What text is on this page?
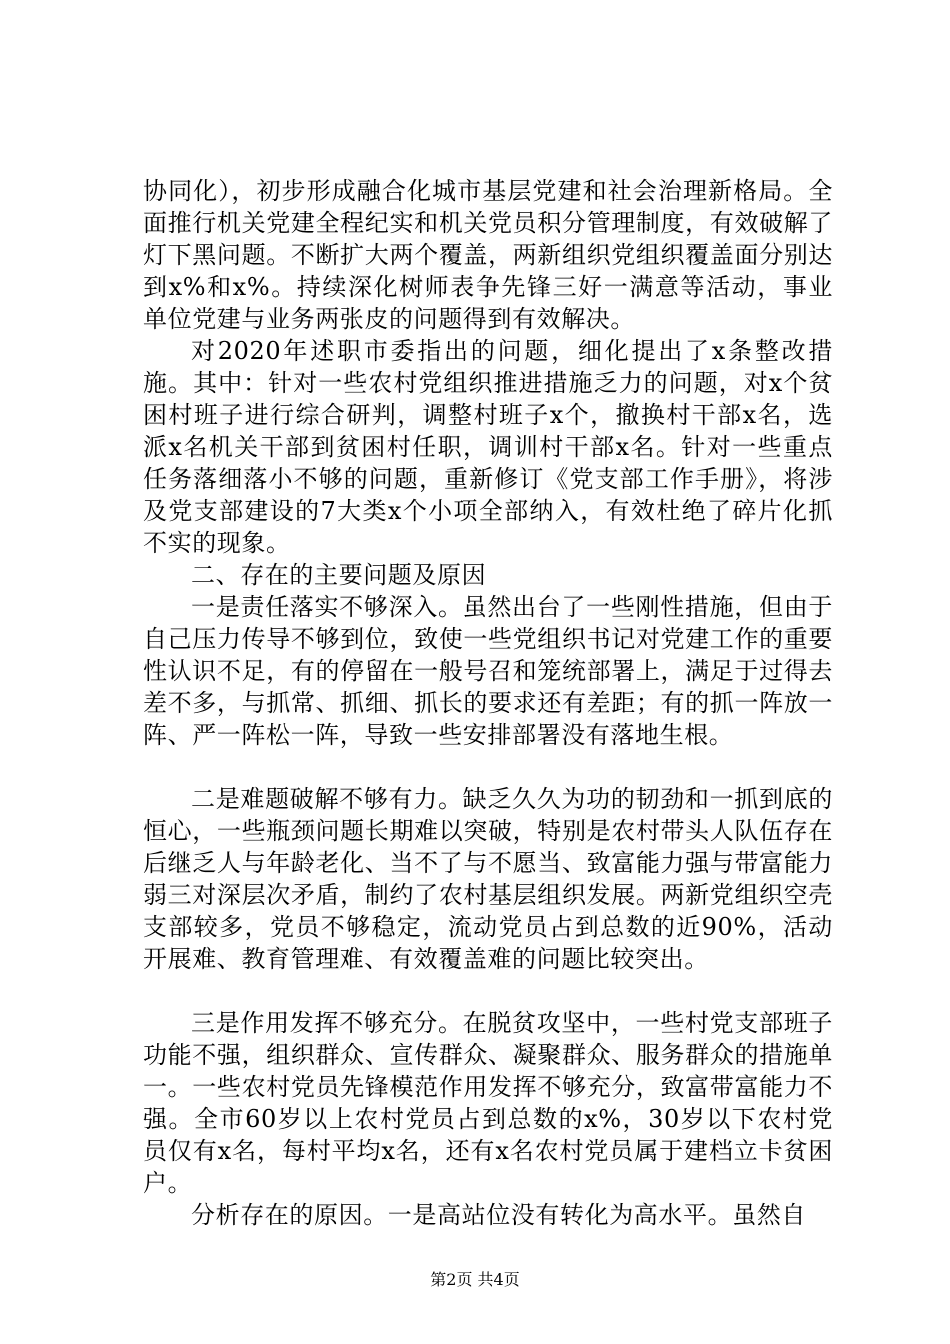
协同化），初步形成融合化城市基层党建和社会治理新格局。全面推行机关党建全程纪实和机关党员积分管理制度，有效破解了灯下黑问题。不断扩大两个覆盖，两新组织党组织覆盖面分别达到x%和x%。持续深化树师表争先锋三好一满意等活动，事业单位党建与业务两张皮的问题得到有效解决。

对2020年述职市委指出的问题，细化提出了x条整改措施。其中：针对一些农村党组织推进措施乏力的问题，对x个贫困村班子进行综合研判，调整村班子x个，撤换村干部x名，选派x名机关干部到贫困村任职，调训村干部x名。针对一些重点任务落细落小不够的问题，重新修订《党支部工作手册》，将涉及党支部建设的7大类x个小项全部纳入，有效杜绝了碎片化抓不实的现象。

二、存在的主要问题及原因

一是责任落实不够深入。虽然出台了一些刚性措施，但由于自己压力传导不够到位，致使一些党组织书记对党建工作的重要性认识不足，有的停留在一般号召和笼统部署上，满足于过得去差不多，与抓常、抓细、抓长的要求还有差距；有的抓一阵放一阵、严一阵松一阵，导致一些安排部署没有落地生根。

二是难题破解不够有力。缺乏久久为功的韧劲和一抓到底的恒心，一些瓶颈问题长期难以突破，特别是农村带头人队伍存在后继乏人与年龄老化、当不了与不愿当、致富能力强与带富能力弱三对深层次矛盾，制约了农村基层组织发展。两新党组织空壳支部较多，党员不够稳定，流动党员占到总数的近90%，活动开展难、教育管理难、有效覆盖难的问题比较突出。

三是作用发挥不够充分。在脱贫攻坚中，一些村党支部班子功能不强，组织群众、宣传群众、凝聚群众、服务群众的措施单一。一些农村党员先锋模范作用发挥不够充分，致富带富能力不强。全市60岁以上农村党员占到总数的x%，30岁以下农村党员仅有x名，每村平均x名，还有x名农村党员属于建档立卡贫困户。

分析存在的原因。一是高站位没有转化为高水平。虽然自

第2页 共4页
